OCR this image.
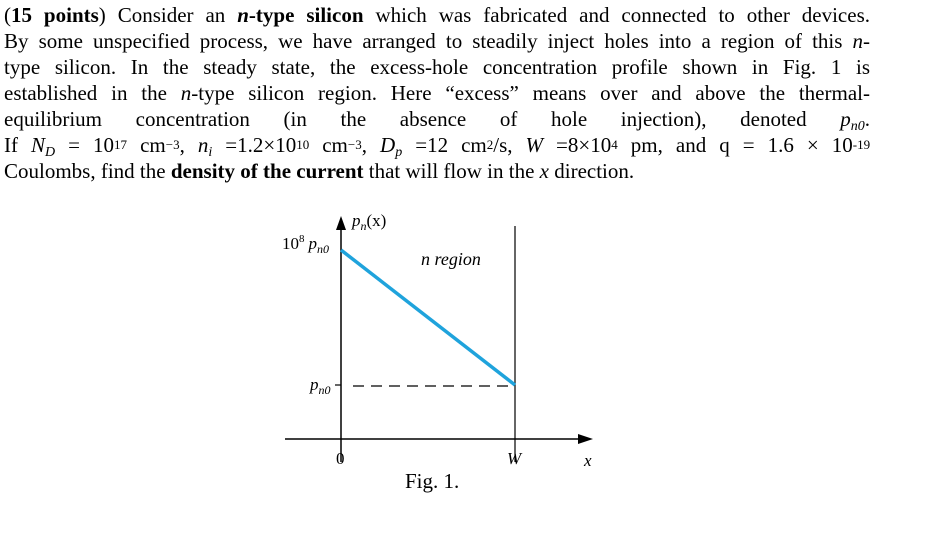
(15 points) Consider an n-type silicon which was fabricated and connected to other devices.
By some unspecified process, we have arranged to steadily inject holes into a region of this n-
type silicon. In the steady state, the excess-hole concentration profile shown in Fig. 1 is
established in the n-type silicon region. Here “excess” means over and above the thermal-
equilibrium concentration (in the absence of hole injection), denoted $p_{n0}$.
If $N_D = 10^{17}$ $cm^{-3}$, $n_i =1.2\times 10^{10}$ $cm^{-3}$, $D_p =12$ $cm^2/s$, $W =8\times 10^4$ pm, and $q = 1.6 \times 10^{-19}$
Coulombs, find the density of the current that will flow in the x direction.
$p_n(x)$
$10^8$ $p_{n0}$
$p_{n0}$
n region
0	W	x
Fig. 1.
